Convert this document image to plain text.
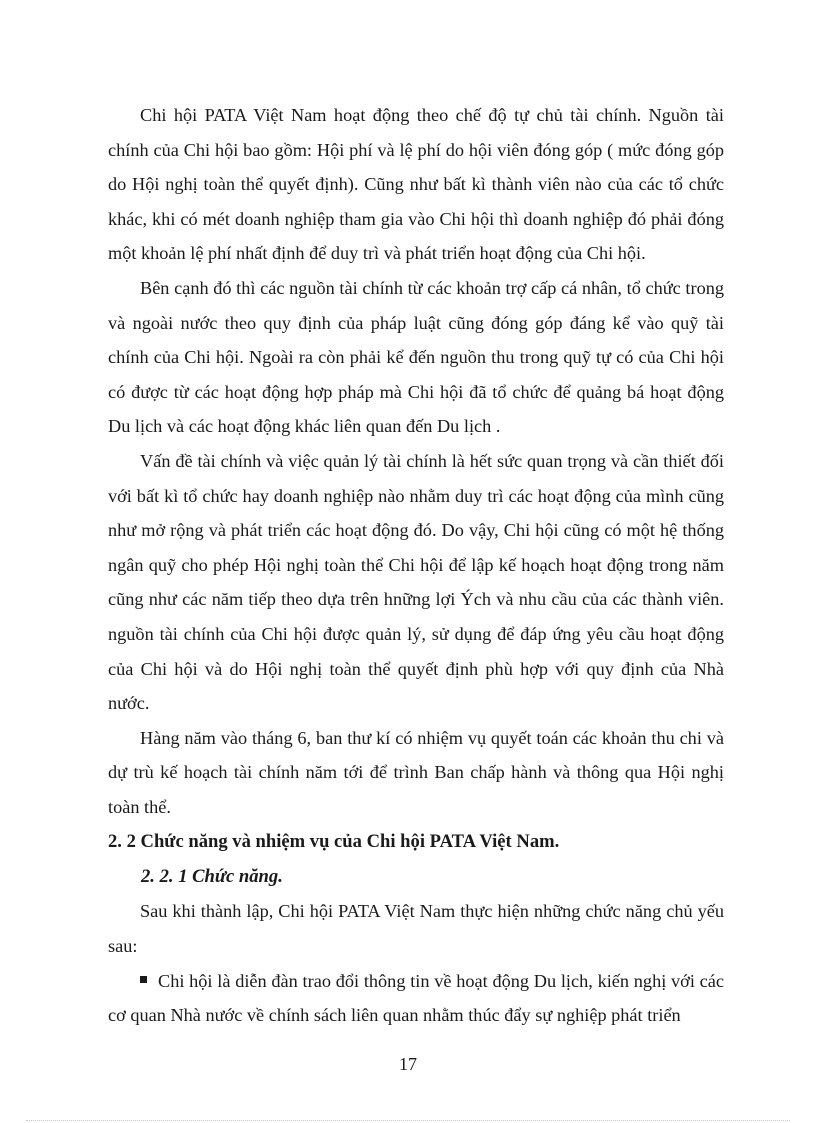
Chi hội PATA Việt Nam hoạt động theo chế độ tự chủ tài chính. Nguồn tài chính của Chi hội bao gồm: Hội phí và lệ phí do hội viên đóng góp ( mức đóng góp do Hội nghị toàn thể quyết định). Cũng như bất kì thành viên nào của các tổ chức khác, khi có mét doanh nghiệp tham gia vào Chi hội thì doanh nghiệp đó phải đóng một khoản lệ phí nhất định để duy trì và phát triển hoạt động của Chi hội.

Bên cạnh đó thì các nguồn tài chính từ các khoản trợ cấp cá nhân, tổ chức trong và ngoài nước theo quy định của pháp luật cũng đóng góp đáng kể vào quỹ tài chính của Chi hội. Ngoài ra còn phải kể đến nguồn thu trong quỹ tự có của Chi hội có được từ các hoạt động hợp pháp mà Chi hội đã tổ chức để quảng bá hoạt động Du lịch và các hoạt động khác liên quan đến Du lịch .

Vấn đề tài chính và việc quản lý tài chính là hết sức quan trọng và cần thiết đối với bất kì tổ chức hay doanh nghiệp nào nhằm duy trì các hoạt động của mình cũng như mở rộng và phát triển các hoạt động đó. Do vậy, Chi hội cũng có một hệ thống ngân quỹ cho phép Hội nghị toàn thể Chi hội để lập kế hoạch hoạt động trong năm cũng như các năm tiếp theo dựa trên hnững lợi Ých và nhu cầu của các thành viên. nguồn tài chính của Chi hội được quản lý, sử dụng để đáp ứng yêu cầu hoạt động của Chi hội và do Hội nghị toàn thể quyết định phù hợp với quy định của Nhà nước.

Hàng năm vào tháng 6, ban thư kí có nhiệm vụ quyết toán các khoản thu chi và dự trù kế hoạch tài chính năm tới để trình Ban chấp hành và thông qua Hội nghị toàn thể.

2. 2 Chức năng và nhiệm vụ của Chi hội PATA Việt Nam.

2. 2. 1 Chức năng.

Sau khi thành lập, Chi hội PATA Việt Nam thực hiện những chức năng chủ yếu sau:

Chi hội là diễn đàn trao đổi thông tin về hoạt động Du lịch, kiến nghị với các cơ quan Nhà nước về chính sách liên quan nhằm thúc đẩy sự nghiệp phát triển

17
